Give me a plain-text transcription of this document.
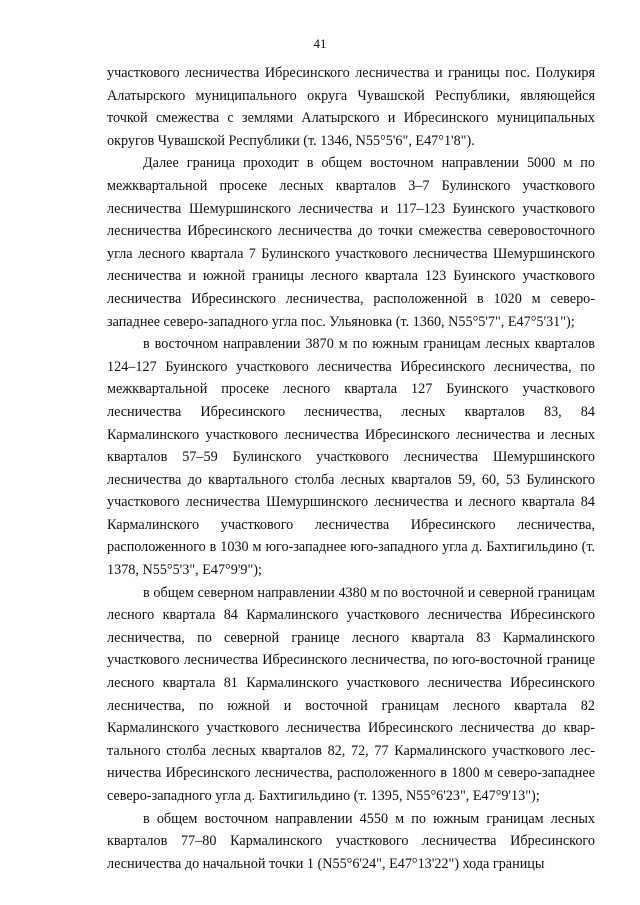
41

участкового лесничества Ибресинского лесничества и границы пос. Полукиря Алатырского муниципального округа Чувашской Республики, являющейся точкой смежества с землями Алатырского и Ибресинского муниципальных округов Чувашской Республики (т. 1346, N55°5'6", E47°1'8").

Далее граница проходит в общем восточном направлении 5000 м по межквартальной просеке лесных кварталов 3–7 Булинского участкового лесничества Шемуршинского лесничества и 117–123 Буинского участкового лесничества Ибресинского лесничества до точки смежества северовосточного угла лесного квартала 7 Булинского участкового лесничества Шемуршинского лесничества и южной границы лесного квартала 123 Буинского участкового лесничества Ибресинского лесничества, расположенной в 1020 м северо-западнее северо-западного угла пос. Ульяновка (т. 1360, N55°5'7", E47°5'31");

в восточном направлении 3870 м по южным границам лесных кварталов 124–127 Буинского участкового лесничества Ибресинского лесничества, по межквартальной просеке лесного квартала 127 Буинского участкового лесничества Ибресинского лесничества, лесных кварталов 83, 84 Кармалинского участкового лесничества Ибресинского лесничества и лесных кварталов 57–59 Булинского участкового лесничества Шемуршинского лесничества до квартального столба лесных кварталов 59, 60, 53 Булинского участкового лесничества Шемуршинского лесничества и лесного квартала 84 Кармалинского участкового лесничества Ибресинского лесничества, расположенного в 1030 м юго-западнее юго-западного угла д. Бахтигильдино (т. 1378, N55°5'3", E47°9'9");

в общем северном направлении 4380 м по восточной и северной границам лесного квартала 84 Кармалинского участкового лесничества Ибресинского лесничества, по северной границе лесного квартала 83 Кармалинского участкового лесничества Ибресинского лесничества, по юго-восточной границе лесного квартала 81 Кармалинского участкового лесничества Ибресинского лесничества, по южной и восточной границам лесного квартала 82 Кармалинского участкового лесничества Ибресинского лесничества до квартального столба лесных кварталов 82, 72, 77 Кармалинского участкового лесничества Ибресинского лесничества, расположенного в 1800 м северо-западнее северо-западного угла д. Бахтигильдино (т. 1395, N55°6'23", E47°9'13");

в общем восточном направлении 4550 м по южным границам лесных кварталов 77–80 Кармалинского участкового лесничества Ибресинского лесничества до начальной точки 1 (N55°6'24", E47°13'22") хода границы
